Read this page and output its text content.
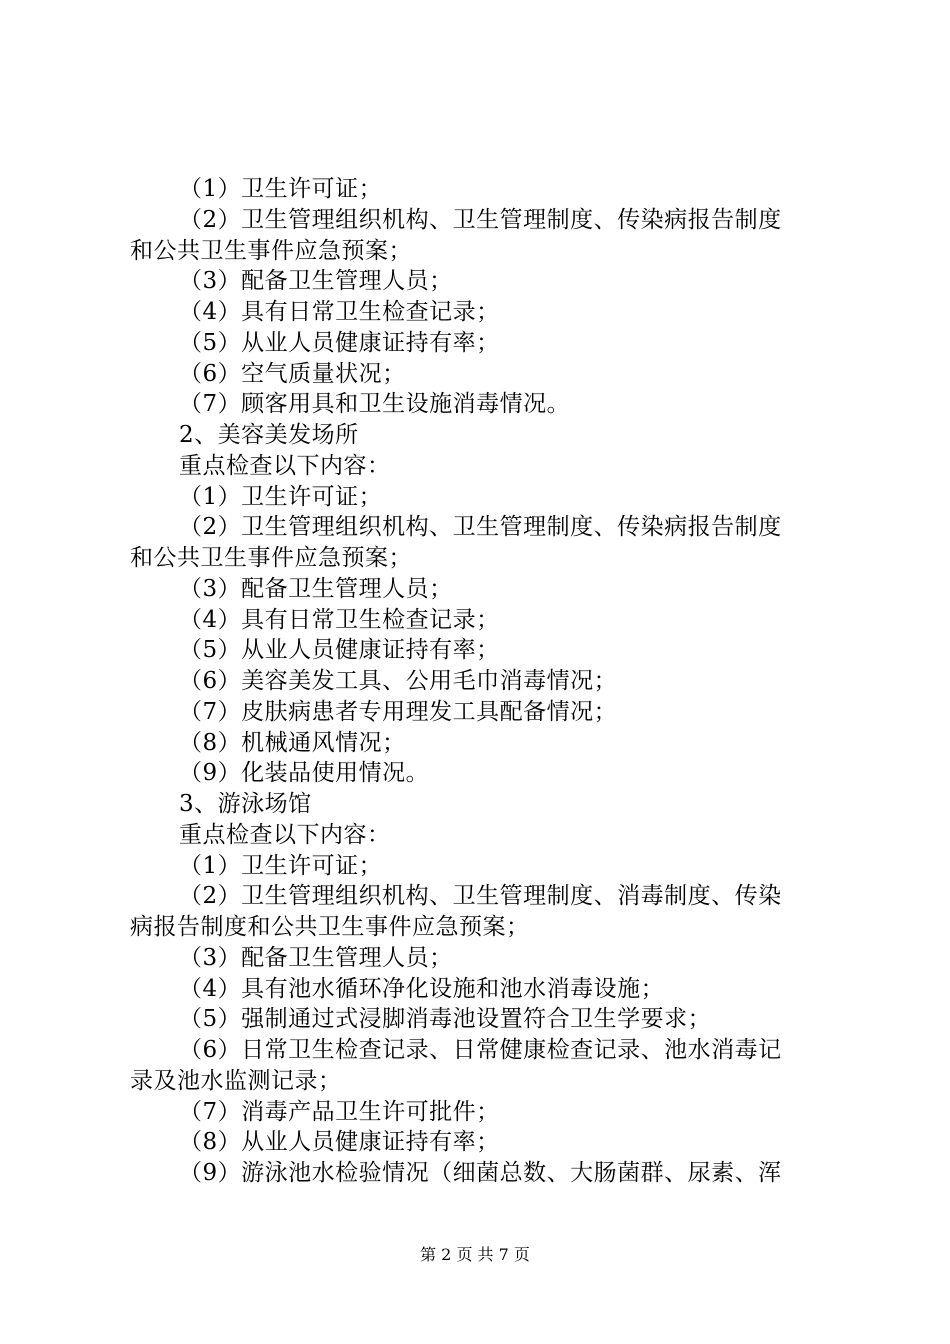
（1）卫生许可证；
（2）卫生管理组织机构、卫生管理制度、传染病报告制度
和公共卫生事件应急预案；
（3）配备卫生管理人员；
（4）具有日常卫生检查记录；
（5）从业人员健康证持有率；
（6）空气质量状况；
（7）顾客用具和卫生设施消毒情况。
2、美容美发场所
重点检查以下内容：
（1）卫生许可证；
（2）卫生管理组织机构、卫生管理制度、传染病报告制度
和公共卫生事件应急预案；
（3）配备卫生管理人员；
（4）具有日常卫生检查记录；
（5）从业人员健康证持有率；
（6）美容美发工具、公用毛巾消毒情况；
（7）皮肤病患者专用理发工具配备情况；
（8）机械通风情况；
（9）化装品使用情况。
3、游泳场馆
重点检查以下内容：
（1）卫生许可证；
（2）卫生管理组织机构、卫生管理制度、消毒制度、传染
病报告制度和公共卫生事件应急预案；
（3）配备卫生管理人员；
（4）具有池水循环净化设施和池水消毒设施；
（5）强制通过式浸脚消毒池设置符合卫生学要求；
（6）日常卫生检查记录、日常健康检查记录、池水消毒记
录及池水监测记录；
（7）消毒产品卫生许可批件；
（8）从业人员健康证持有率；
（9）游泳池水检验情况（细菌总数、大肠菌群、尿素、浑
第 2 页 共 7 页
